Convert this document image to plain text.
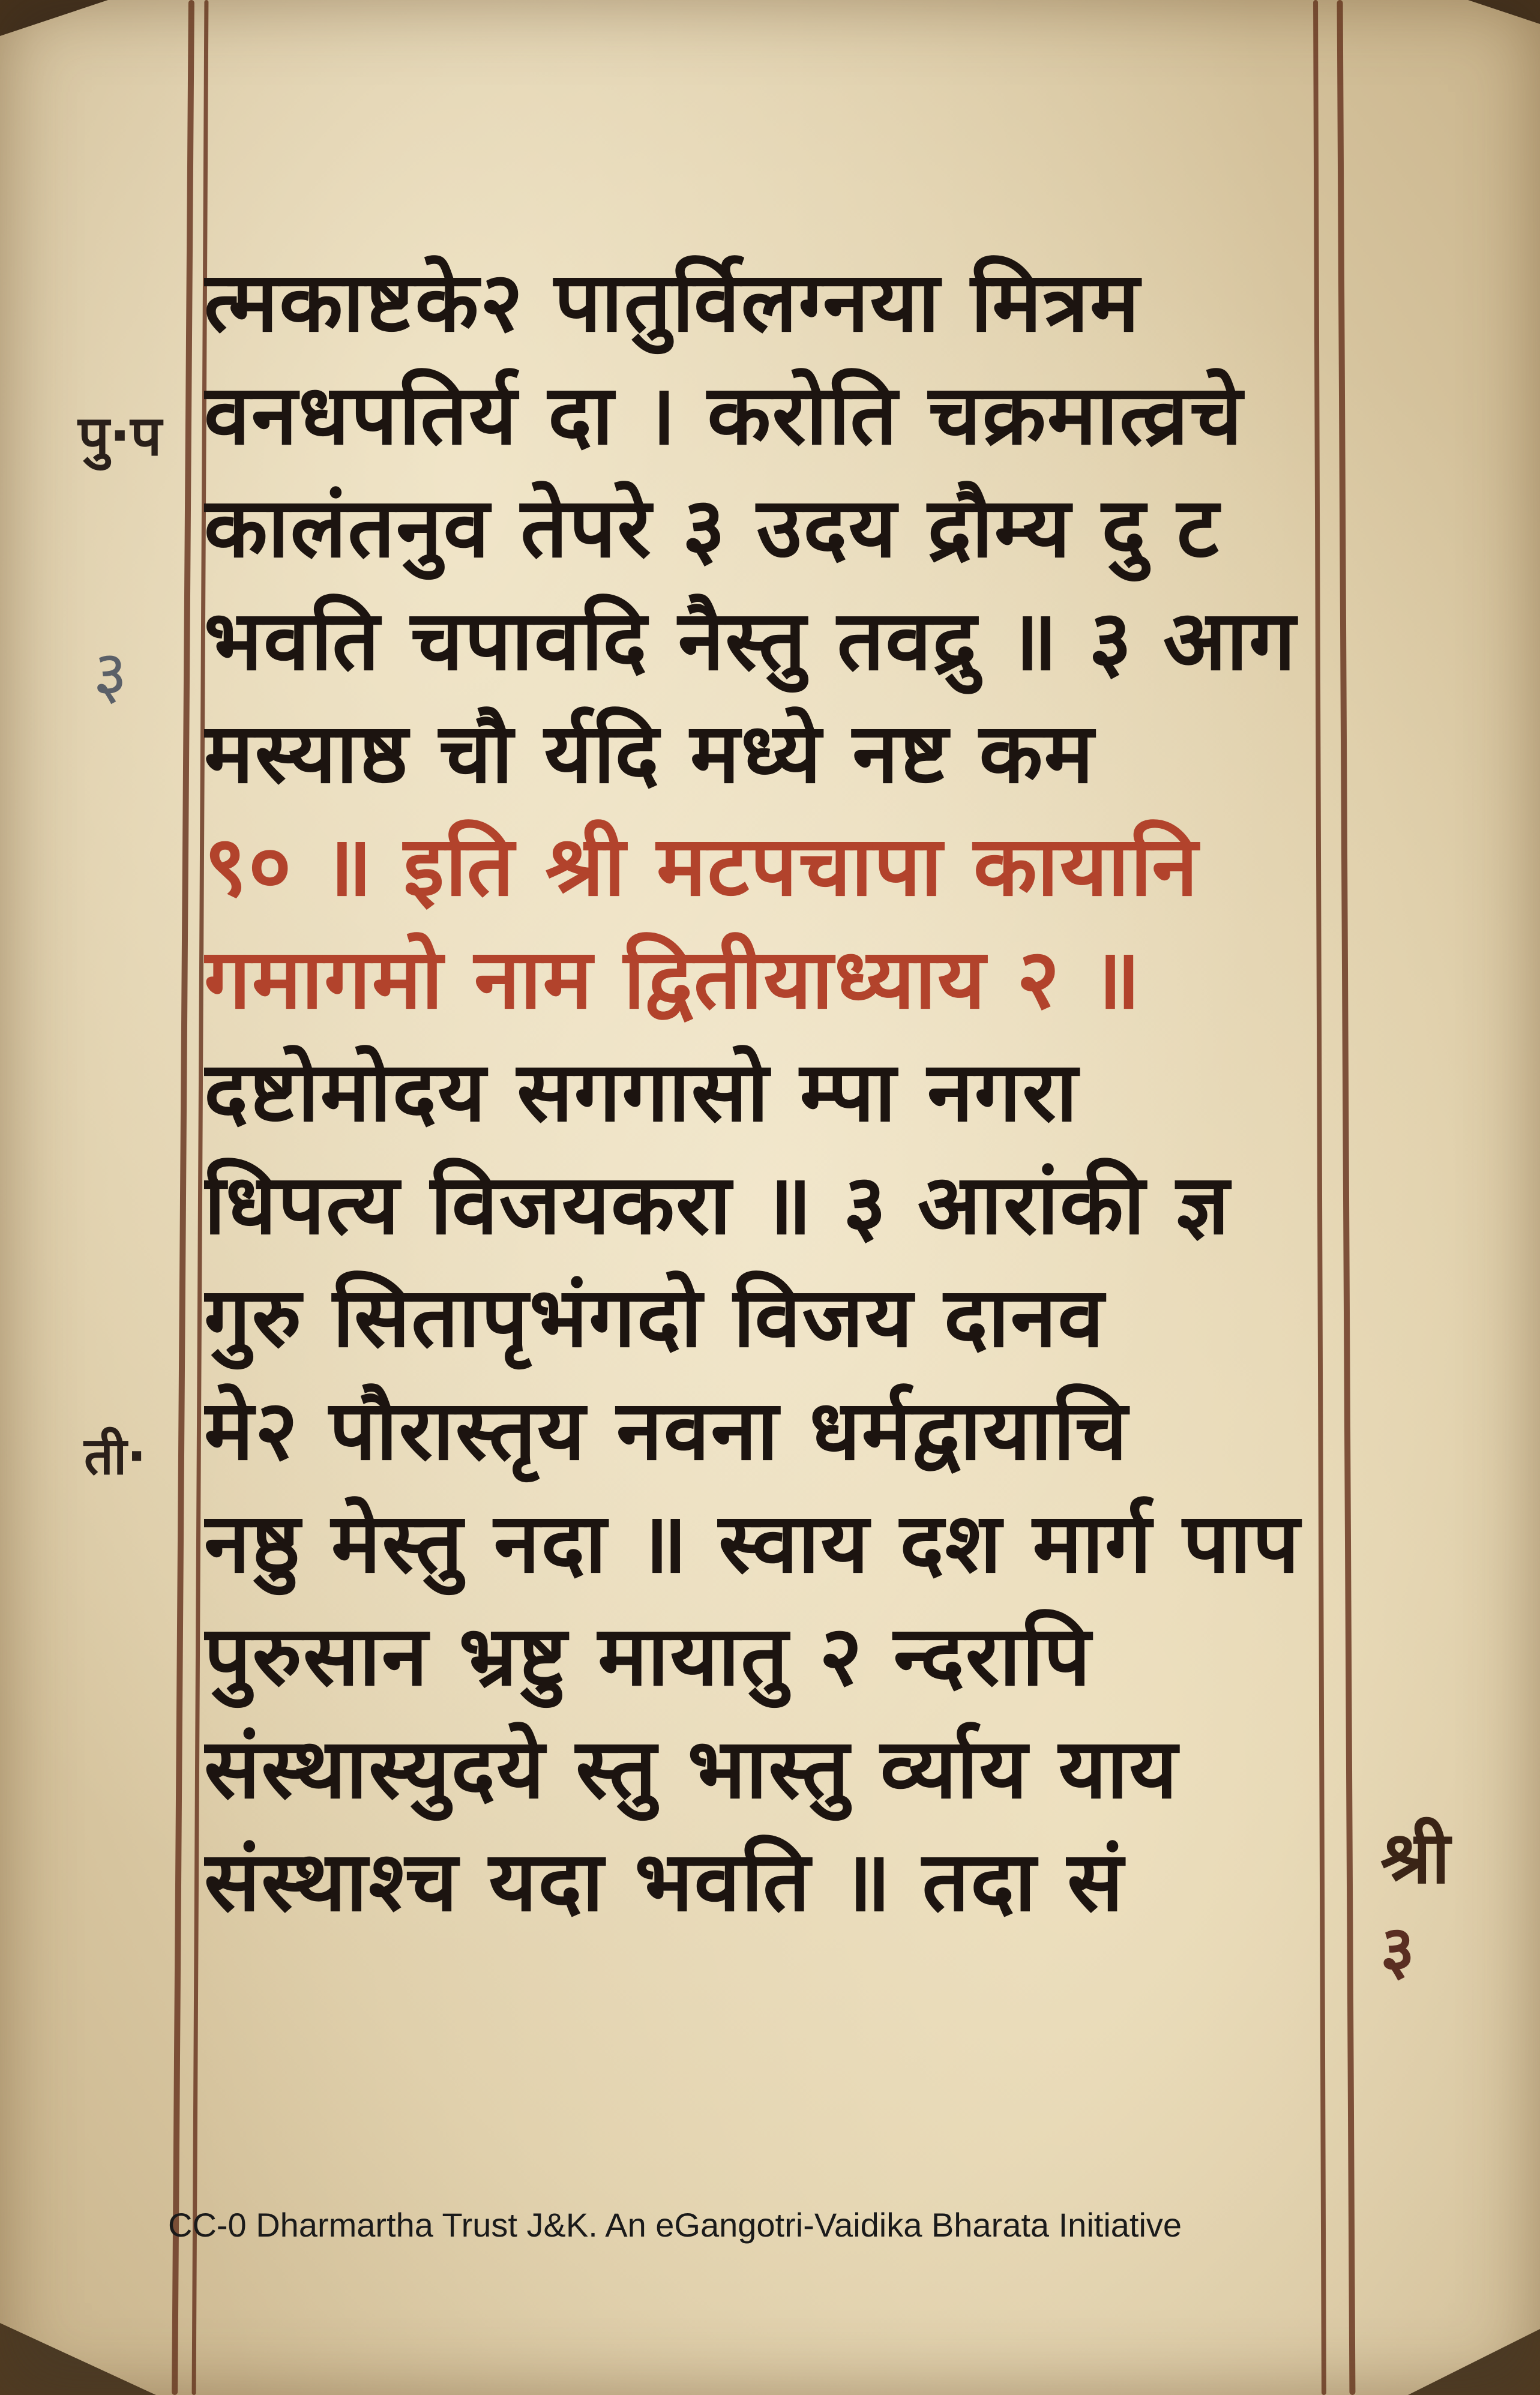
पु·प
३
ती·
श्री
३
त्मकाष्टके२ पातुर्विलग्नया मित्रम
वनधपतिर्य दा । करोति चक्रमात्व्रचे
कालंतनुव तेपरे ३ उदय द्रौम्य दु ट
भवति चपावदि नैस्तु तवद्रु ॥ ३ आग
मस्याष्ठ चौ र्यदि मध्ये नष्ट कम
९० ॥ इति श्री मटपचापा कायानि
गमागमो नाम द्वितीयाध्याय २ ॥
दष्टोमोदय सगगासो म्पा नगरा
धिपत्य विजयकरा ॥ ३ आरांकी ज्ञ
गुरु सितापृभंगदो विजय दानव
मे२ पौरास्तृय नवना धर्मद्वायाचि
नष्ठु मेस्तु नदा ॥ स्वाय दश मार्ग पाप
पुरुसान भ्रष्टु मायातु २ न्दरापि
संस्थास्युदये स्तु भास्तु र्व्याय याय
संस्थाश्च यदा भवति ॥ तदा सं
CC-0 Dharmartha Trust J&K. An eGangotri-Vaidika Bharata Initiative
